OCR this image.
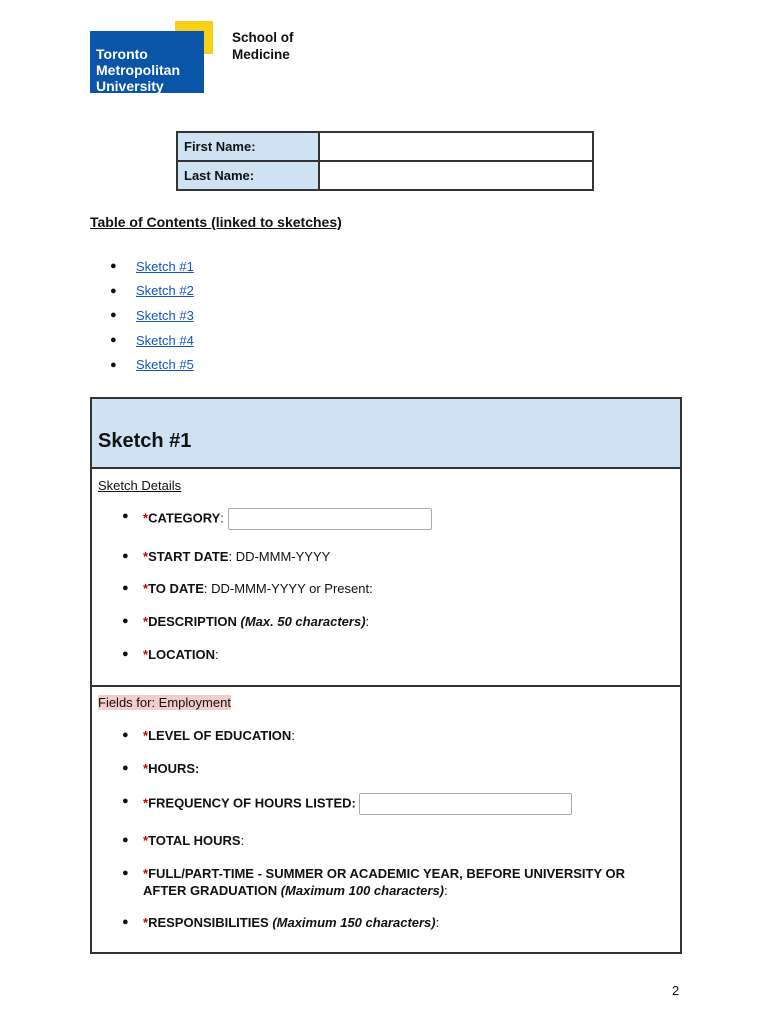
Toronto
Metropolitan
University
School of
Medicine
First Name:	
Last Name:	
Table of Contents (linked to sketches)
●	Sketch #1
●	Sketch #2
●	Sketch #3
●	Sketch #4
●	Sketch #5
Sketch #1
Sketch Details
● *CATEGORY:
● *START DATE: DD-MMM-YYYY
● *TO DATE: DD-MMM-YYYY or Present:
● *DESCRIPTION (Max. 50 characters):
● *LOCATION:
Fields for: Employment
● *LEVEL OF EDUCATION:
● *HOURS:
● *FREQUENCY OF HOURS LISTED:
● *TOTAL HOURS:
● *FULL/PART-TIME - SUMMER OR ACADEMIC YEAR, BEFORE UNIVERSITY OR AFTER GRADUATION (Maximum 100 characters):
● *RESPONSIBILITIES (Maximum 150 characters):
2
